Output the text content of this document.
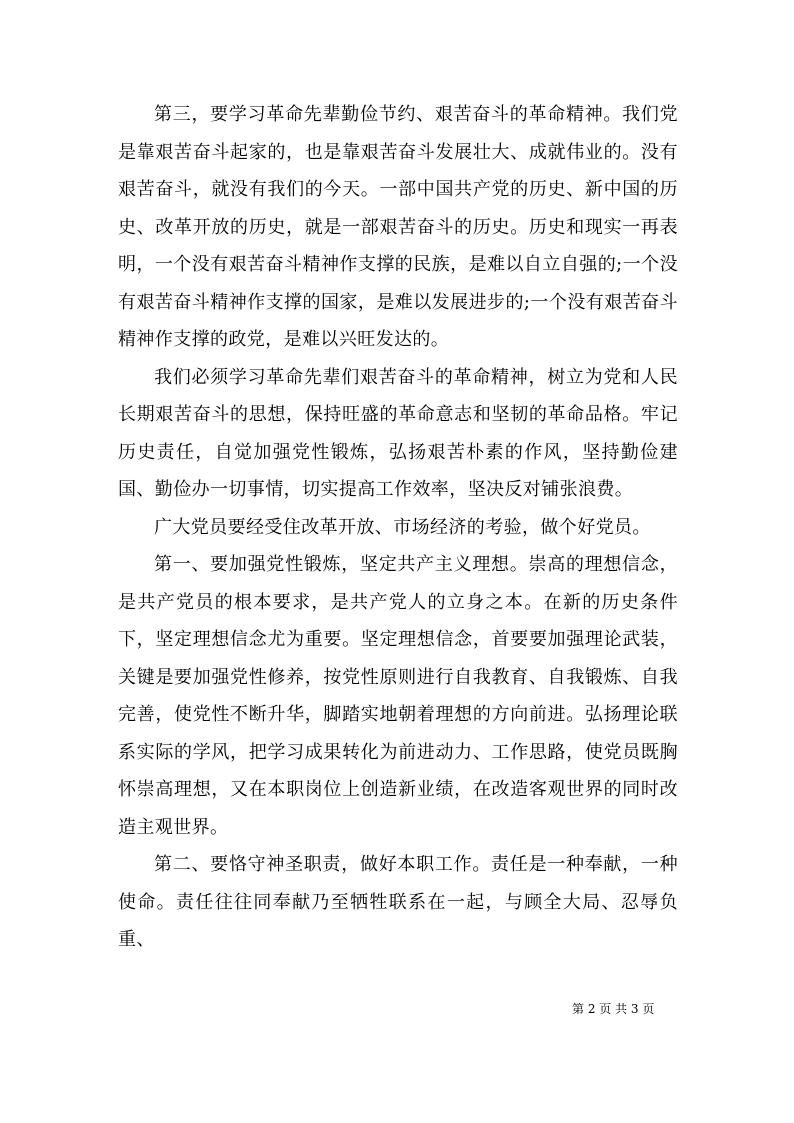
第三，要学习革命先辈勤俭节约、艰苦奋斗的革命精神。我们党是靠艰苦奋斗起家的，也是靠艰苦奋斗发展壮大、成就伟业的。没有艰苦奋斗，就没有我们的今天。一部中国共产党的历史、新中国的历史、改革开放的历史，就是一部艰苦奋斗的历史。历史和现实一再表明，一个没有艰苦奋斗精神作支撑的民族，是难以自立自强的;一个没有艰苦奋斗精神作支撑的国家，是难以发展进步的;一个没有艰苦奋斗精神作支撑的政党，是难以兴旺发达的。

我们必须学习革命先辈们艰苦奋斗的革命精神，树立为党和人民长期艰苦奋斗的思想，保持旺盛的革命意志和坚韧的革命品格。牢记历史责任，自觉加强党性锻炼，弘扬艰苦朴素的作风，坚持勤俭建国、勤俭办一切事情，切实提高工作效率，坚决反对铺张浪费。

广大党员要经受住改革开放、市场经济的考验，做个好党员。

第一、要加强党性锻炼，坚定共产主义理想。崇高的理想信念，是共产党员的根本要求，是共产党人的立身之本。在新的历史条件下，坚定理想信念尤为重要。坚定理想信念，首要要加强理论武装，关键是要加强党性修养，按党性原则进行自我教育、自我锻炼、自我完善，使党性不断升华，脚踏实地朝着理想的方向前进。弘扬理论联系实际的学风，把学习成果转化为前进动力、工作思路，使党员既胸怀崇高理想，又在本职岗位上创造新业绩，在改造客观世界的同时改造主观世界。

第二、要恪守神圣职责，做好本职工作。责任是一种奉献，一种使命。责任往往同奉献乃至牺牲联系在一起，与顾全大局、忍辱负重、

第 2 页 共 3 页
